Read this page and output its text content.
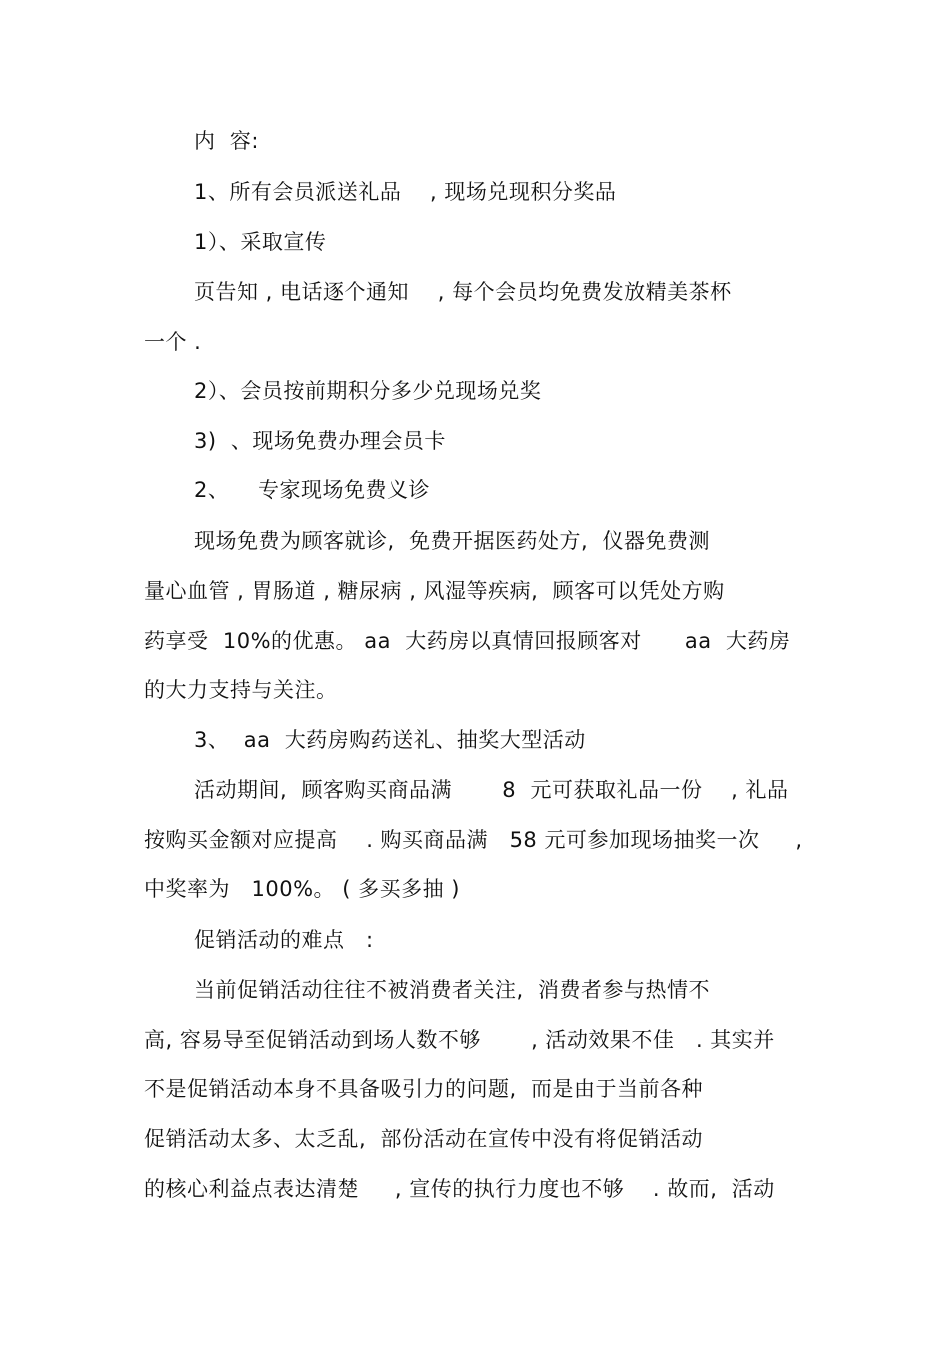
内  容:
1、所有会员派送礼品    , 现场兑现积分奖品
1）、采取宣传
页告知 , 电话逐个通知    , 每个会员均免费发放精美茶杯
一个 .
2）、会员按前期积分多少兑现场兑奖
3)  、现场免费办理会员卡
2、    专家现场免费义诊
现场免费为顾客就诊,  免费开据医药处方,  仪器免费测
量心血管 , 胃肠道 , 糖尿病 , 风湿等疾病,  顾客可以凭处方购
药享受  10%的优惠。 aa  大药房以真情回报顾客对      aa  大药房
的大力支持与关注。
3、  aa  大药房购药送礼、抽奖大型活动
活动期间,  顾客购买商品满       8  元可获取礼品一份    , 礼品
按购买金额对应提高    . 购买商品满   58 元可参加现场抽奖一次     ,
中奖率为   100%。 ( 多买多抽 )
促销活动的难点   :
当前促销活动往往不被消费者关注,  消费者参与热情不
高, 容易导至促销活动到场人数不够       , 活动效果不佳   . 其实并
不是促销活动本身不具备吸引力的问题,  而是由于当前各种
促销活动太多、太乏乱,  部份活动在宣传中没有将促销活动
的核心利益点表达清楚     , 宣传的执行力度也不够    . 故而,  活动
